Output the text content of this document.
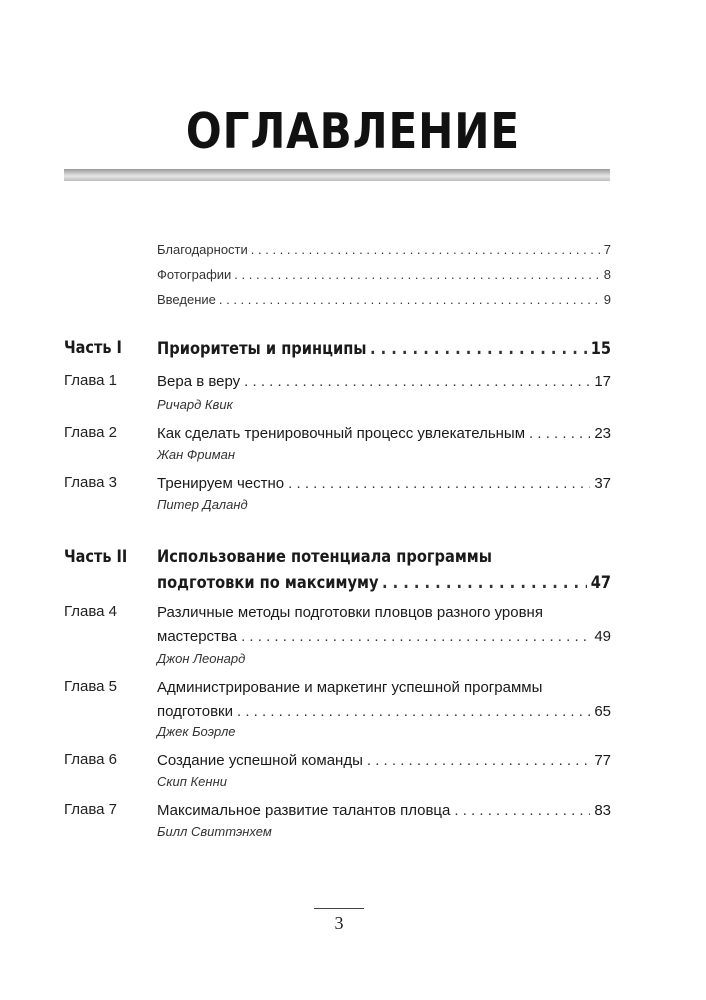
ОГЛАВЛЕНИЕ
Благодарности . . .	7
Фотографии . . .	8
Введение . . .	9
Часть I Приоритеты и принципы . . .	15
Глава 1	Вера в веру . . .	17
Ричард Квик
Глава 2	Как сделать тренировочный процесс увлекательным . . .	23
Жан Фриман
Глава 3	Тренируем честно . . .	37
Питер Даланд
Часть II Использование потенциала программы
подготовки по максимуму . . .	47
Глава 4	Различные методы подготовки пловцов разного уровня
мастерства . . .	49
Джон Леонард
Глава 5	Администрирование и маркетинг успешной программы
подготовки . . .	65
Джек Боэрле
Глава 6	Создание успешной команды . . .	77
Скип Кенни
Глава 7	Максимальное развитие талантов пловца . . .	83
Билл Свиттэнхем
3
